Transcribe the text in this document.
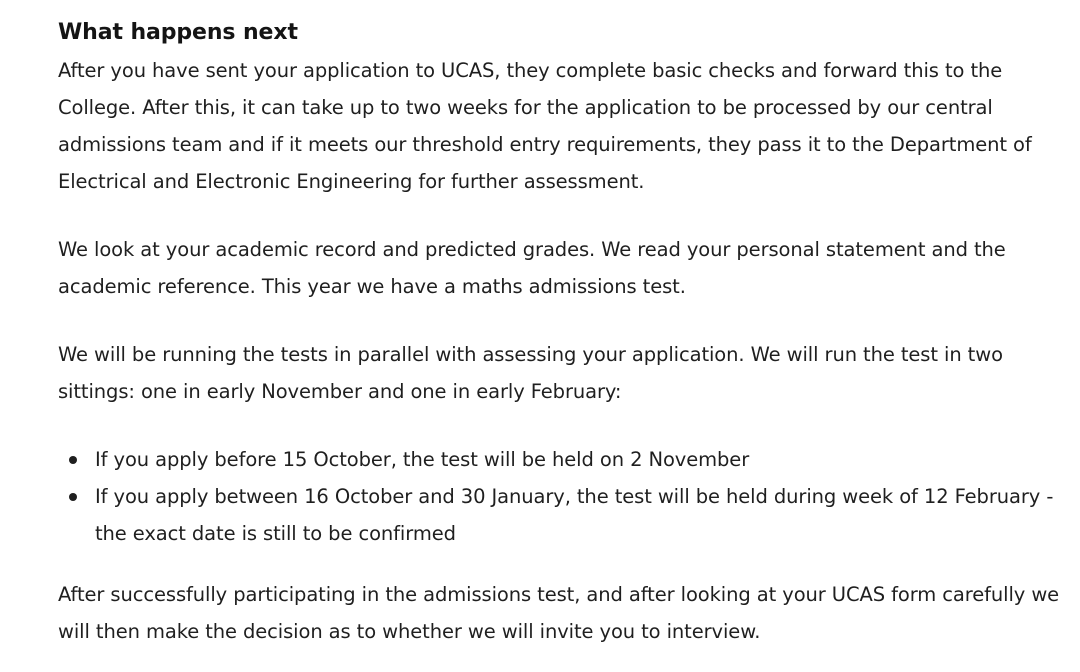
What happens next

After you have sent your application to UCAS, they complete basic checks and forward this to the College. After this, it can take up to two weeks for the application to be processed by our central admissions team and if it meets our threshold entry requirements, they pass it to the Department of Electrical and Electronic Engineering for further assessment.

We look at your academic record and predicted grades. We read your personal statement and the academic reference. This year we have a maths admissions test.

We will be running the tests in parallel with assessing your application. We will run the test in two sittings: one in early November and one in early February:

If you apply before 15 October, the test will be held on 2 November
If you apply between 16 October and 30 January, the test will be held during week of 12 February - the exact date is still to be confirmed

After successfully participating in the admissions test, and after looking at your UCAS form carefully we will then make the decision as to whether we will invite you to interview.
